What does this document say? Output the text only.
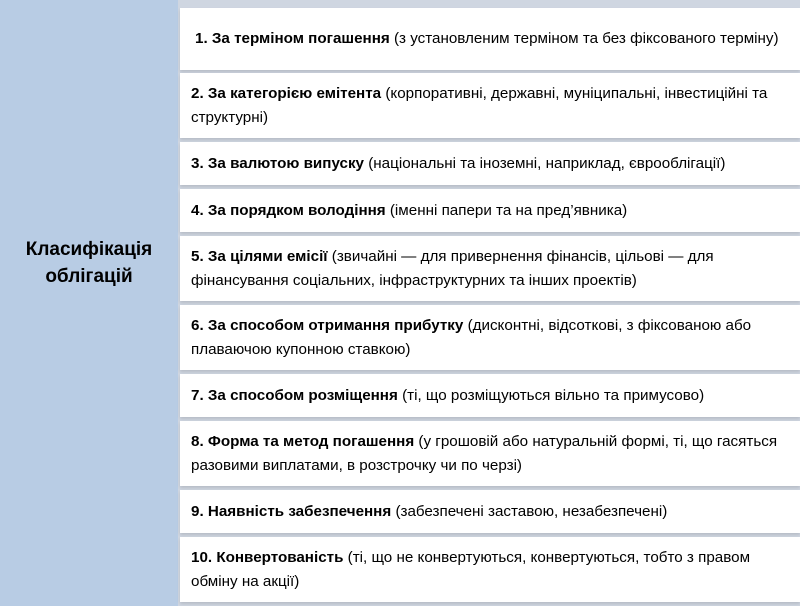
Класифікація облігацій
1. За терміном погашення (з установленим терміном та без фіксованого терміну)
2. За категорією емітента (корпоративні, державні, муніципальні, інвестиційні та структурні)
3. За валютою випуску (національні та іноземні, наприклад, єврооблігації)
4. За порядком володіння (іменні папери та на пред’явника)
5. За цілями емісії (звичайні — для привернення фінансів, цільові — для фінансування соціальних, інфраструктурних та інших проектів)
6. За способом отримання прибутку (дисконтні, відсоткові, з фіксованою або плаваючою купонною ставкою)
7. За способом розміщення (ті, що розміщуються вільно та примусово)
8. Форма та метод погашення (у грошовій або натуральній формі, ті, що гасяться разовими виплатами, в розстрочку чи по черзі)
9. Наявність забезпечення (забезпечені заставою, незабезпечені)
10. Конвертованість (ті, що не конвертуються, конвертуються, тобто з правом обміну на акції)
